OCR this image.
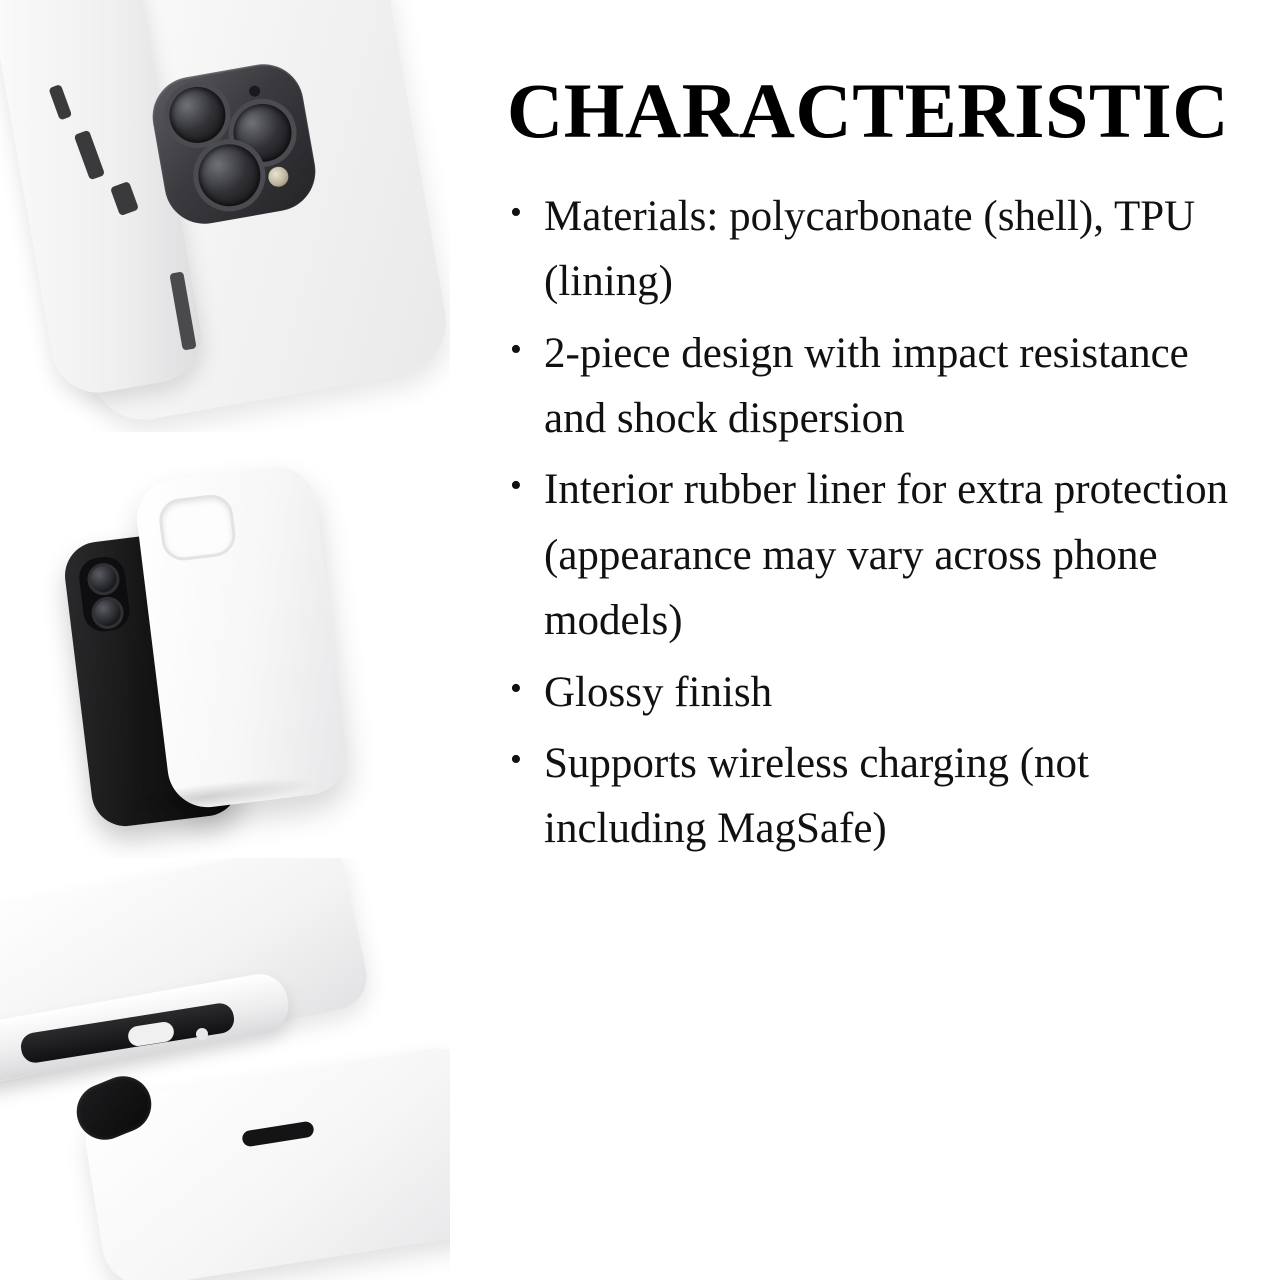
CHARACTERISTIC
• Materials: polycarbonate (shell), TPU (lining)
• 2-piece design with impact resistance and shock dispersion
• Interior rubber liner for extra protection (appearance may vary across phone models)
• Glossy finish
• Supports wireless charging (not including MagSafe)
